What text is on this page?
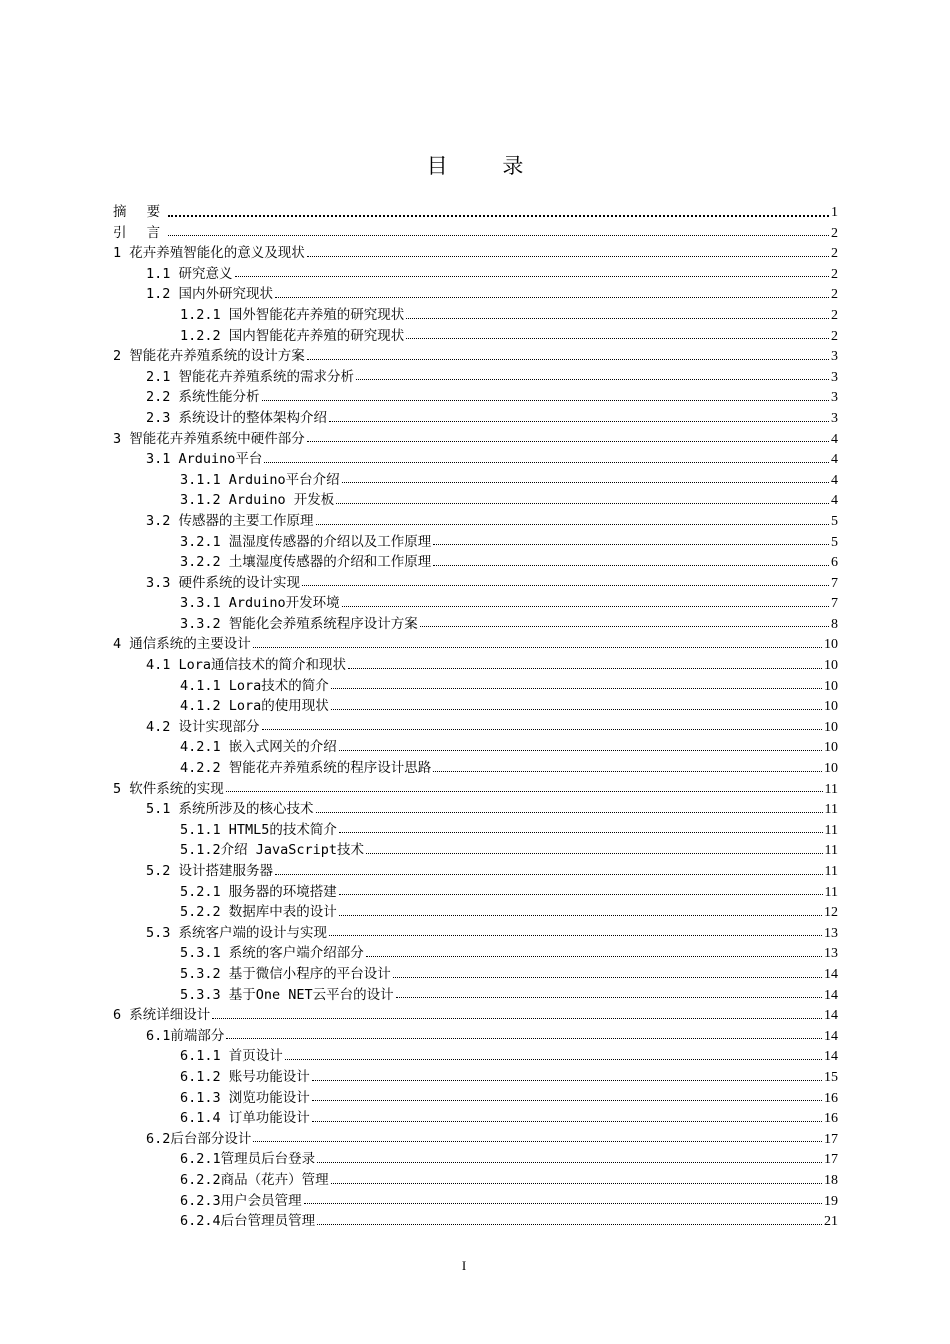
目 录
摘 要	1
引 言	2
1 花卉养殖智能化的意义及现状	2
1.1 研究意义	2
1.2 国内外研究现状	2
1.2.1 国外智能花卉养殖的研究现状	2
1.2.2 国内智能花卉养殖的研究现状	2
2 智能花卉养殖系统的设计方案	3
2.1 智能花卉养殖系统的需求分析	3
2.2 系统性能分析	3
2.3 系统设计的整体架构介绍	3
3 智能花卉养殖系统中硬件部分	4
3.1 Arduino平台	4
3.1.1 Arduino平台介绍	4
3.1.2 Arduino 开发板	4
3.2 传感器的主要工作原理	5
3.2.1 温湿度传感器的介绍以及工作原理	5
3.2.2 土壤湿度传感器的介绍和工作原理	6
3.3 硬件系统的设计实现	7
3.3.1 Arduino开发环境	7
3.3.2 智能化会养殖系统程序设计方案	8
4 通信系统的主要设计	10
4.1 Lora通信技术的简介和现状	10
4.1.1 Lora技术的简介	10
4.1.2 Lora的使用现状	10
4.2 设计实现部分	10
4.2.1 嵌入式网关的介绍	10
4.2.2 智能花卉养殖系统的程序设计思路	10
5 软件系统的实现	11
5.1 系统所涉及的核心技术	11
5.1.1 HTML5的技术简介	11
5.1.2介绍 JavaScript技术	11
5.2 设计搭建服务器	11
5.2.1 服务器的环境搭建	11
5.2.2 数据库中表的设计	12
5.3 系统客户端的设计与实现	13
5.3.1 系统的客户端介绍部分	13
5.3.2 基于微信小程序的平台设计	14
5.3.3 基于One NET云平台的设计	14
6 系统详细设计	14
6.1前端部分	14
6.1.1 首页设计	14
6.1.2 账号功能设计	15
6.1.3 浏览功能设计	16
6.1.4 订单功能设计	16
6.2后台部分设计	17
6.2.1管理员后台登录	17
6.2.2商品（花卉）管理	18
6.2.3用户会员管理	19
6.2.4后台管理员管理	21
I
